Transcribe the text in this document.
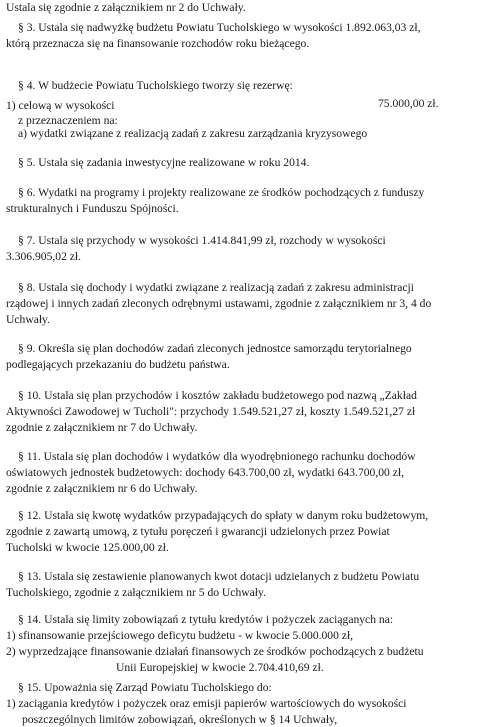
Ustala się zgodnie z załącznikiem nr 2 do Uchwały.
§ 3. Ustala się nadwyżkę budżetu Powiatu Tucholskiego w wysokości 1.892.063,03 zł,
którą przeznacza się na finansowanie rozchodów roku bieżącego.
§ 4. W budżecie Powiatu Tucholskiego tworzy się rezerwę:
1) celową w wysokości	75.000,00 zł.
z przeznaczeniem na:
a) wydatki związane z realizacją zadań z zakresu zarządzania kryzysowego
§ 5. Ustala się zadania inwestycyjne realizowane w roku 2014.
§ 6. Wydatki na programy i projekty realizowane ze środków pochodzących z funduszy
strukturalnych i Funduszu Spójności.
§ 7. Ustala się przychody w wysokości 1.414.841,99 zł, rozchody w wysokości
3.306.905,02 zł.
§ 8. Ustala się dochody i wydatki związane z realizacją zadań z zakresu administracji
rządowej i innych zadań zleconych odrębnymi ustawami, zgodnie z załącznikiem nr 3, 4 do
Uchwały.
§ 9. Określa się plan dochodów zadań zleconych jednostce samorządu terytorialnego
podlegających przekazaniu do budżetu państwa.
§ 10. Ustala się plan przychodów i kosztów zakładu budżetowego pod nazwą „Zakład
Aktywności Zawodowej w Tucholi": przychody 1.549.521,27 zł, koszty 1.549.521,27 zł
zgodnie z załącznikiem nr 7 do Uchwały.
§ 11. Ustala się plan dochodów i wydatków dla wyodrębnionego rachunku dochodów
oświatowych jednostek budżetowych: dochody 643.700,00 zł, wydatki 643.700,00 zł,
zgodnie z załącznikiem nr 6 do Uchwały.
§ 12. Ustala się kwotę wydatków przypadających do spłaty w danym roku budżetowym,
zgodnie z zawartą umową, z tytułu poręczeń i gwarancji udzielonych przez Powiat
Tucholski w kwocie 125.000,00 zł.
§ 13. Ustala się zestawienie planowanych kwot dotacji udzielanych z budżetu Powiatu
Tucholskiego, zgodnie z załącznikiem nr 5 do Uchwały.
§ 14. Ustala się limity zobowiązań z tytułu kredytów i pożyczek zaciąganych na:
1) sfinansowanie przejściowego deficytu budżetu - w kwocie 5.000.000 zł,
2) wyprzedzające finansowanie działań finansowych ze środków pochodzących z budżetu
Unii Europejskiej w kwocie 2.704.410,69 zł.
§ 15. Upoważnia się Zarząd Powiatu Tucholskiego do:
1) zaciągania kredytów i pożyczek oraz emisji papierów wartościowych do wysokości
poszczególnych limitów zobowiązań, określonych w § 14 Uchwały,
